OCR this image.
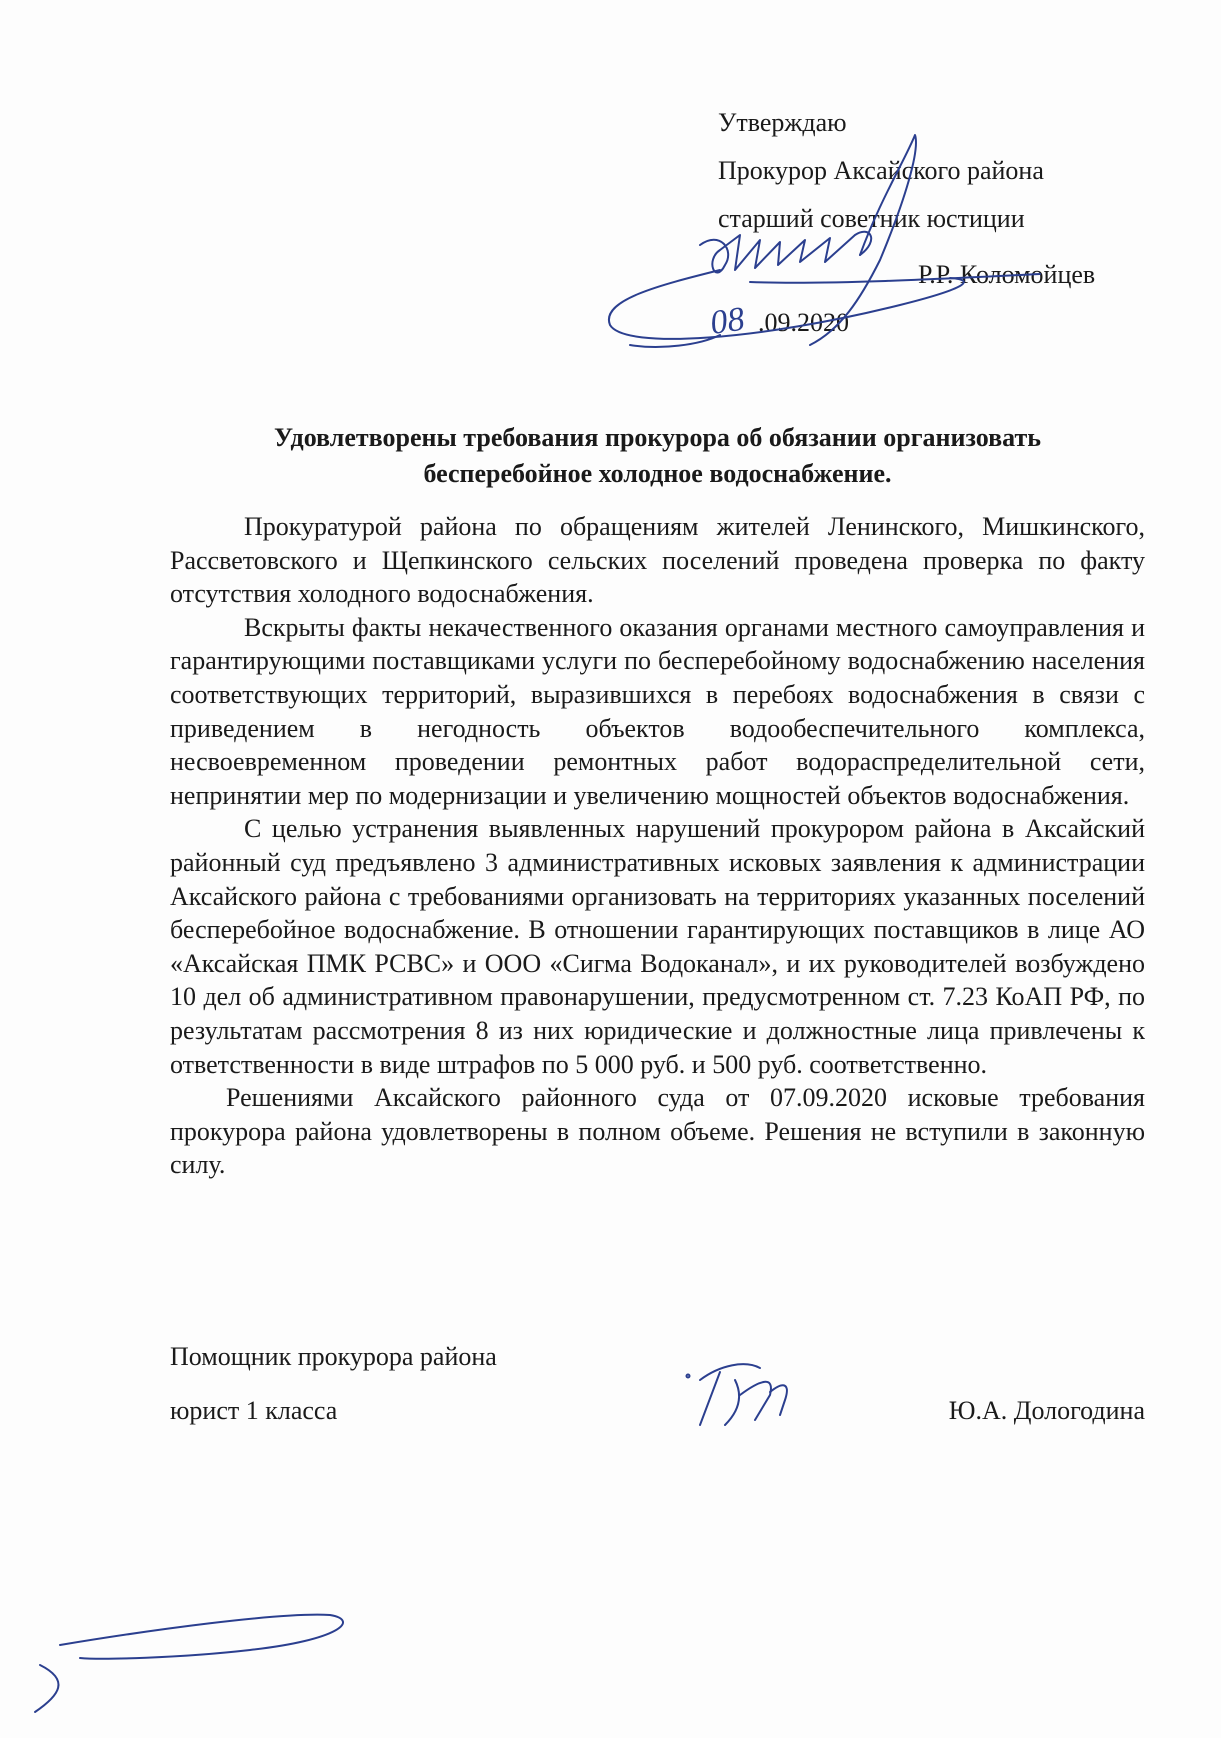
Утверждаю
Прокурор Аксайского района
старший советник юстиции
Р.Р. Коломойцев
.09.2020
08
Удовлетворены требования прокурора об обязании организовать
бесперебойное холодное водоснабжение.

Прокуратурой района по обращениям жителей Ленинского, Мишкинского, Рассветовского и Щепкинского сельских поселений проведена проверка по факту отсутствия холодного водоснабжения.

Вскрыты факты некачественного оказания органами местного самоуправления и гарантирующими поставщиками услуги по бесперебойному водоснабжению населения соответствующих территорий, выразившихся в перебоях водоснабжения в связи с приведением в негодность объектов водообеспечительного комплекса, несвоевременном проведении ремонтных работ водораспределительной сети, непринятии мер по модернизации и увеличению мощностей объектов водоснабжения.

С целью устранения выявленных нарушений прокурором района в Аксайский районный суд предъявлено 3 административных исковых заявления к администрации Аксайского района с требованиями организовать на территориях указанных поселений бесперебойное водоснабжение. В отношении гарантирующих поставщиков в лице АО «Аксайская ПМК РСВС» и ООО «Сигма Водоканал», и их руководителей возбуждено 10 дел об административном правонарушении, предусмотренном ст. 7.23 КоАП РФ, по результатам рассмотрения 8 из них юридические и должностные лица привлечены к ответственности в виде штрафов по 5 000 руб. и 500 руб. соответственно.

Решениями Аксайского районного суда от 07.09.2020 исковые требования прокурора района удовлетворены в полном объеме. Решения не вступили в законную силу.

Помощник прокурора района
юрист 1 класса	Ю.А. Дологодина
